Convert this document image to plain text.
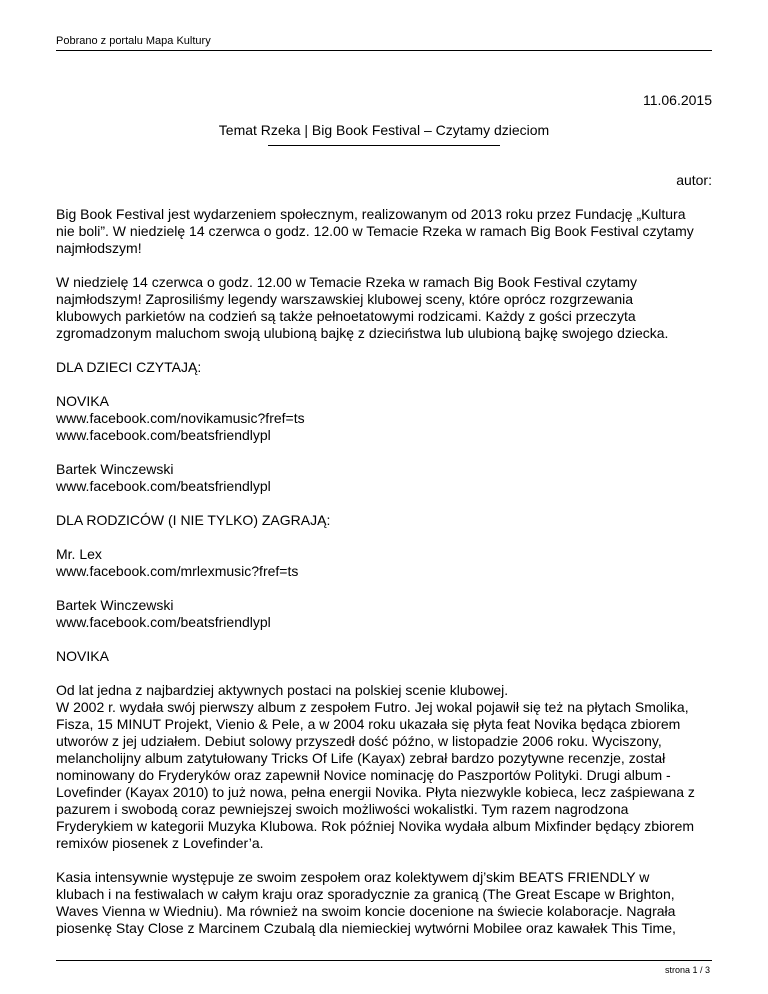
Pobrano z portalu Mapa Kultury
11.06.2015
Temat Rzeka | Big Book Festival – Czytamy dzieciom
autor:

Big Book Festival jest wydarzeniem społecznym, realizowanym od 2013 roku przez Fundację „Kultura
nie boli”. W niedzielę 14 czerwca o godz. 12.00 w Temacie Rzeka w ramach Big Book Festival czytamy
najmłodszym!

W niedzielę 14 czerwca o godz. 12.00 w Temacie Rzeka w ramach Big Book Festival czytamy
najmłodszym! Zaprosiliśmy legendy warszawskiej klubowej sceny, które oprócz rozgrzewania
klubowych parkietów na codzień są także pełnoetatowymi rodzicami. Każdy z gości przeczyta
zgromadzonym maluchom swoją ulubioną bajkę z dzieciństwa lub ulubioną bajkę swojego dziecka.

DLA DZIECI CZYTAJĄ:

NOVIKA
www.facebook.com/novikamusic?fref=ts
www.facebook.com/beatsfriendlypl

Bartek Winczewski
www.facebook.com/beatsfriendlypl

DLA RODZICÓW (I NIE TYLKO) ZAGRAJĄ:

Mr. Lex
www.facebook.com/mrlexmusic?fref=ts

Bartek Winczewski
www.facebook.com/beatsfriendlypl

NOVIKA

Od lat jedna z najbardziej aktywnych postaci na polskiej scenie klubowej.
W 2002 r. wydała swój pierwszy album z zespołem Futro. Jej wokal pojawił się też na płytach Smolika,
Fisza, 15 MINUT Projekt, Vienio & Pele, a w 2004 roku ukazała się płyta feat Novika będąca zbiorem
utworów z jej udziałem. Debiut solowy przyszedł dość późno, w listopadzie 2006 roku. Wyciszony,
melancholijny album zatytułowany Tricks Of Life (Kayax) zebrał bardzo pozytywne recenzje, został
nominowany do Fryderyków oraz zapewnił Novice nominację do Paszportów Polityki. Drugi album -
Lovefinder (Kayax 2010) to już nowa, pełna energii Novika. Płyta niezwykle kobieca, lecz zaśpiewana z
pazurem i swobodą coraz pewniejszej swoich możliwości wokalistki. Tym razem nagrodzona
Fryderykiem w kategorii Muzyka Klubowa. Rok później Novika wydała album Mixfinder będący zbiorem
remixów piosenek z Lovefinder’a.

Kasia intensywnie występuje ze swoim zespołem oraz kolektywem dj’skim BEATS FRIENDLY w
klubach i na festiwalach w całym kraju oraz sporadycznie za granicą (The Great Escape w Brighton,
Waves Vienna w Wiedniu). Ma również na swoim koncie docenione na świecie kolaboracje. Nagrała
piosenkę Stay Close z Marcinem Czubalą dla niemieckiej wytwórni Mobilee oraz kawałek This Time,

strona 1 / 3
